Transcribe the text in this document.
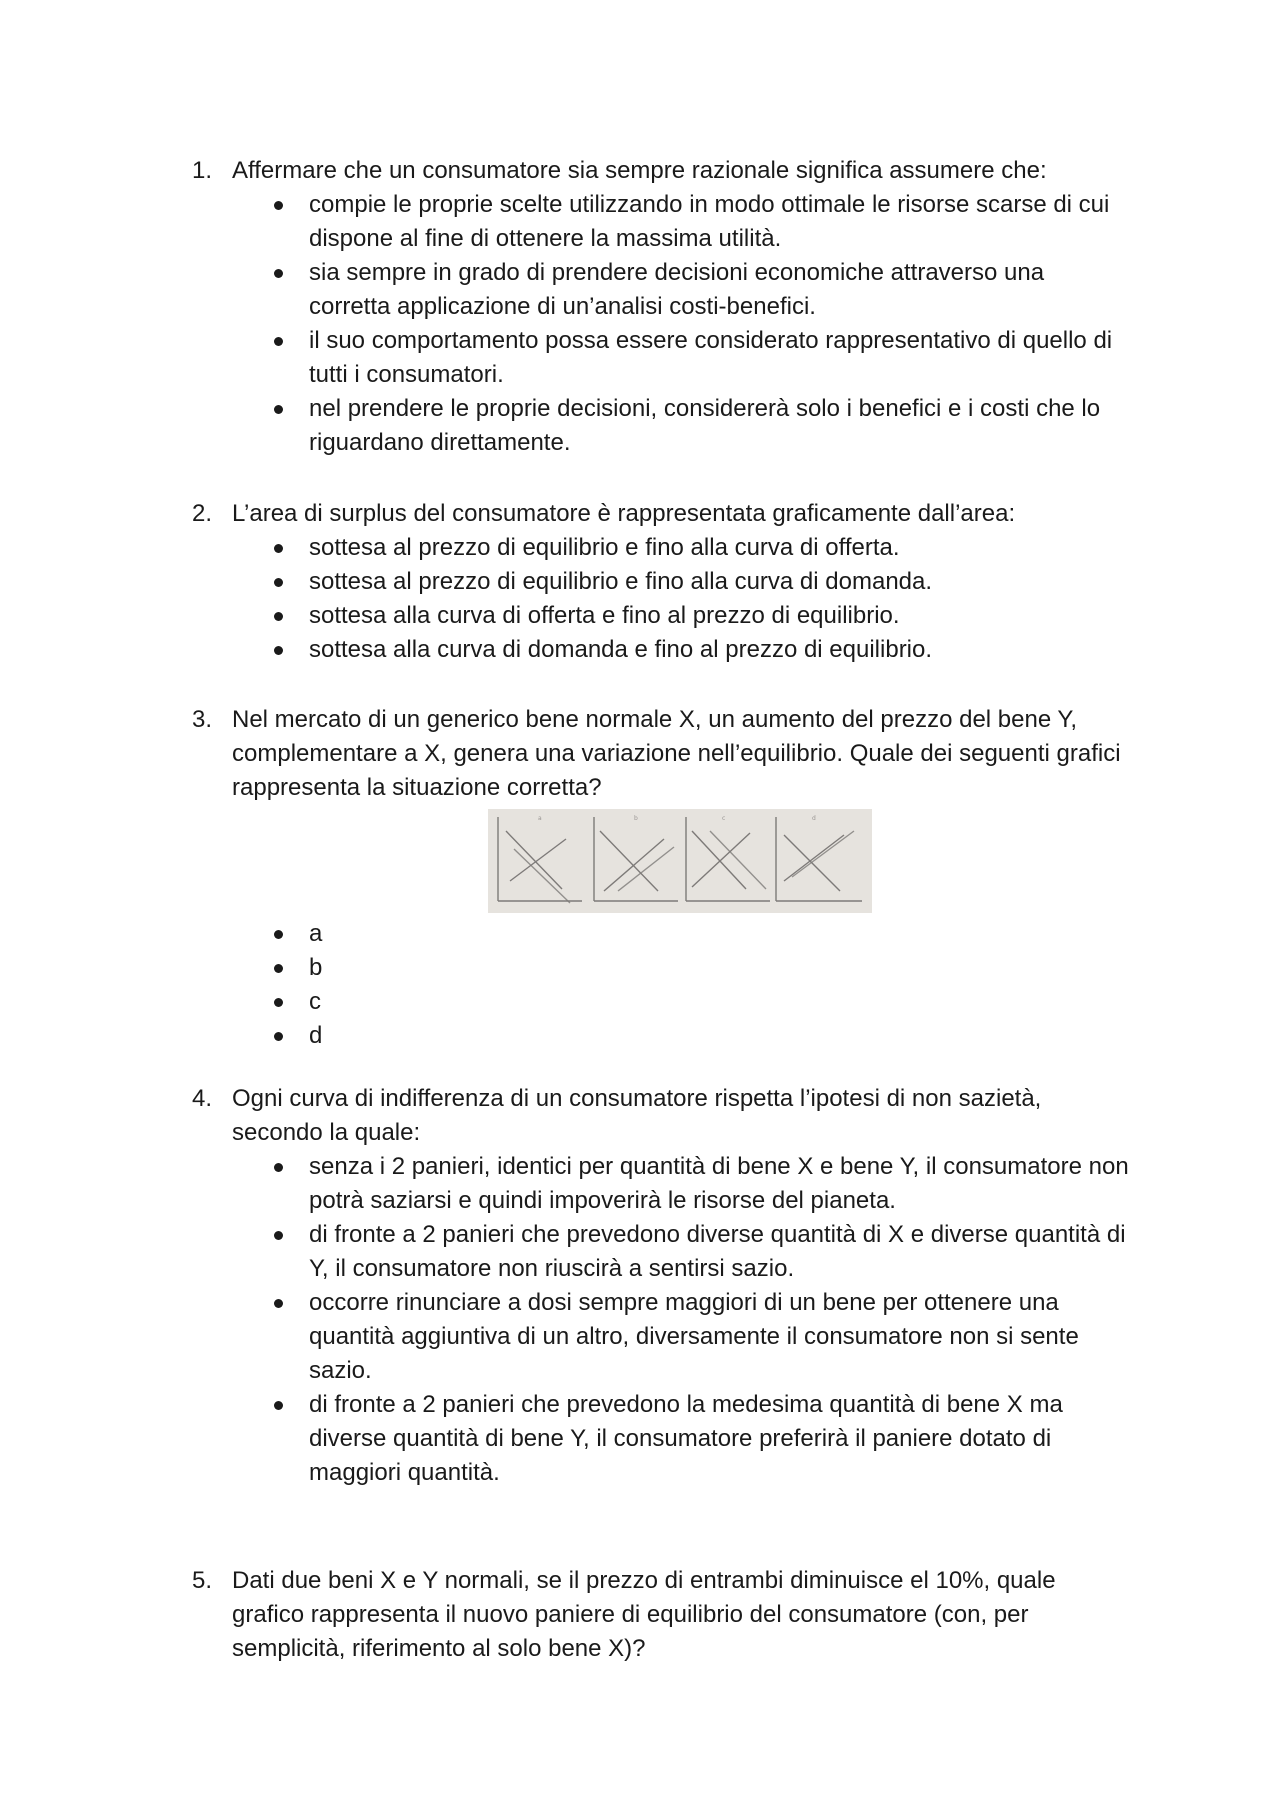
1. Affermare che un consumatore sia sempre razionale significa assumere che:
compie le proprie scelte utilizzando in modo ottimale le risorse scarse di cui dispone al fine di ottenere la massima utilità.
sia sempre in grado di prendere decisioni economiche attraverso una corretta applicazione di un’analisi costi-benefici.
il suo comportamento possa essere considerato rappresentativo di quello di tutti i consumatori.
nel prendere le proprie decisioni, considererà solo i benefici e i costi che lo riguardano direttamente.
2. L’area di surplus del consumatore è rappresentata graficamente dall’area:
sottesa al prezzo di equilibrio e fino alla curva di offerta.
sottesa al prezzo di equilibrio e fino alla curva di domanda.
sottesa alla curva di offerta e fino al prezzo di equilibrio.
sottesa alla curva di domanda e fino al prezzo di equilibrio.
3. Nel mercato di un generico bene normale X, un aumento del prezzo del bene Y, complementare a X, genera una variazione nell’equilibrio. Quale dei seguenti grafici rappresenta la situazione corretta?
a	b	c	d
a
b
c
d
4. Ogni curva di indifferenza di un consumatore rispetta l’ipotesi di non sazietà, secondo la quale:
senza i 2 panieri, identici per quantità di bene X e bene Y, il consumatore non potrà saziarsi e quindi impoverirà le risorse del pianeta.
di fronte a 2 panieri che prevedono diverse quantità di X e diverse quantità di Y, il consumatore non riuscirà a sentirsi sazio.
occorre rinunciare a dosi sempre maggiori di un bene per ottenere una quantità aggiuntiva di un altro, diversamente il consumatore non si sente sazio.
di fronte a 2 panieri che prevedono la medesima quantità di bene X ma diverse quantità di bene Y, il consumatore preferirà il paniere dotato di maggiori quantità.
5. Dati due beni X e Y normali, se il prezzo di entrambi diminuisce el 10%, quale grafico rappresenta il nuovo paniere di equilibrio del consumatore (con, per semplicità, riferimento al solo bene X)?
